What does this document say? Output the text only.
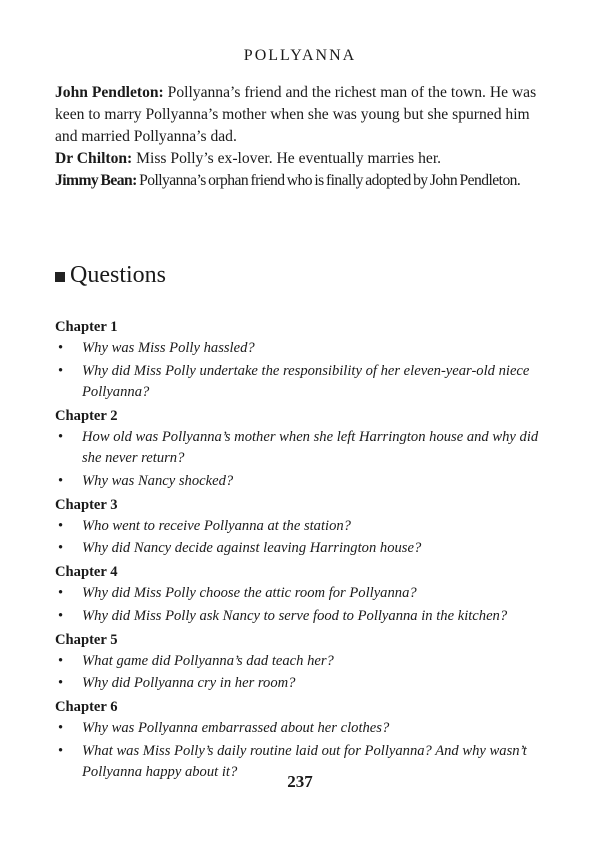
POLLYANNA

John Pendleton: Pollyanna’s friend and the richest man of the town. He was keen to marry Pollyanna’s mother when she was young but she spurned him and married Pollyanna’s dad.

Dr Chilton: Miss Polly’s ex-lover. He eventually marries her.

Jimmy Bean: Pollyanna’s orphan friend who is finally adopted by John Pendleton.

Questions

Chapter 1

• Why was Miss Polly hassled?
• Why did Miss Polly undertake the responsibility of her eleven-year-old niece Pollyanna?

Chapter 2

• How old was Pollyanna’s mother when she left Harrington house and why did she never return?
• Why was Nancy shocked?

Chapter 3

• Who went to receive Pollyanna at the station?
• Why did Nancy decide against leaving Harrington house?

Chapter 4

• Why did Miss Polly choose the attic room for Pollyanna?
• Why did Miss Polly ask Nancy to serve food to Pollyanna in the kitchen?

Chapter 5

• What game did Pollyanna’s dad teach her?
• Why did Pollyanna cry in her room?

Chapter 6

• Why was Pollyanna embarrassed about her clothes?
• What was Miss Polly’s daily routine laid out for Pollyanna? And why wasn’t Pollyanna happy about it?	237
